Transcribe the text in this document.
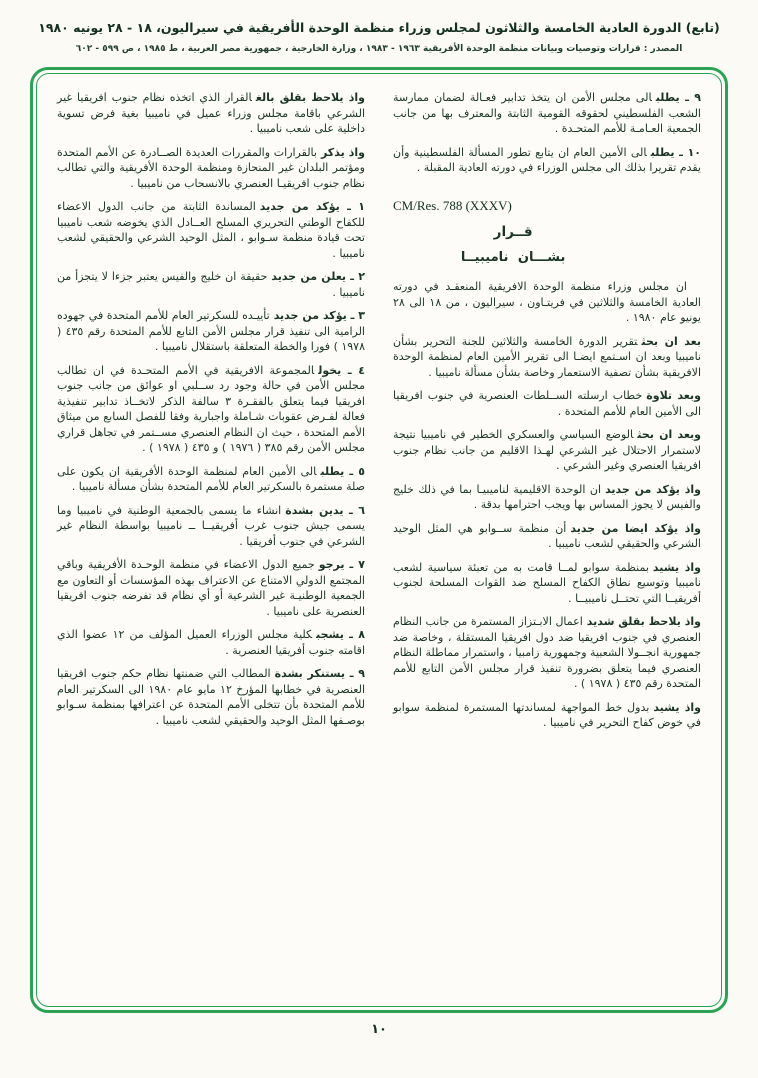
(تابع) الدورة العادية الخامسة والثلاثون لمجلس وزراء منظمة الوحدة الأفريقية في سيراليون، ١٨ - ٢٨ يونيه ١٩٨٠
المصدر : قرارات وتوصيات وبيانات منظمة الوحدة الأفريقية ١٩٦٣ - ١٩٨٣ ، وزارة الخارجية ، جمهورية مصر العربية ، ط ١٩٨٥ ، ص ٥٩٩ - ٦٠٢

٩ ـ يطلبالى مجلس الأمن ان يتخذ تدابير فعـالة لضمان ممارسة الشعب الفلسطيني لحقوقه القومية الثابتة والمعترف بها من جانب الجمعية العـامـة للأمم المتحـدة .

١٠ ـ يطلبالى الأمين العام ان يتابع تطور المسألة الفلسطينية وأن يقدم تقريرا بذلك الى مجلس الوزراء في دورته العادية المقبلة .

CM/Res. 788 (XXXV)
قــرار
بشـــان ناميبيــا

ان مجلس وزراء منظمة الوحدة الافريقية المنعقـد في دورته العادية الخامسة والثلاثين في فريتـاون ، سيراليون ، من ١٨ الى ٢٨ يونيو عام ١٩٨٠ .

بعد ان بحثتقرير الدورة الخامسة والثلاثين للجنة التحرير بشأن ناميبيا وبعد ان اسـتمع ايضـا الى تقرير الأمين العام لمنظمة الوحدة الافريقية بشأن تصفية الاستعمار وخاصة بشأن مسألة ناميبيا .

وبعد تلاوةخطاب ارسلته الســلطات العنصرية في جنوب افريقيا الى الأمين العام للأمم المتحدة .

وبعد ان بحثالوضع السياسي والعسكري الخطير في ناميبيا نتيجة لاستمرار الاحتلال غير الشرعي لهـذا الاقليم من جانب نظام جنوب افريقيا العنصري وغير الشرعي .

واذ يؤكد من جديدان الوحدة الاقليمية لناميبيـا بما في ذلك خليج والفيس لا يجوز المساس بها ويجب احترامها بدقة .

واذ يؤكد ايضا من جديدأن منظمة ســوابو هي المثل الوحيد الشرعي والحقيقي لشعب ناميبيا .

واذ يشيدبمنظمة سوابو لمــا قامت به من تعبئة سياسية لشعب ناميبيا وتوسيع نطاق الكفاح المسلح ضد القوات المسلحة لجنوب أفريقيــا التي تحتــل ناميبيــا .

واذ يلاحظ بقلق شديداعمال الابـتزاز المستمرة من جانب النظام العنصري في جنوب افريقيا ضد دول افريقيا المستقلة ، وخاصة ضد جمهورية انجــولا الشعبية وجمهورية زامبيا ، واستمرار مماطلة النظام العنصري فيما يتعلق بضرورة تنفيذ قرار مجلس الأمن التابع للأمم المتحدة رقم ٤٣٥ ( ١٩٧٨ ) .

واذ يشيدبدول خط المواجهة لمساندتها المستمرة لمنظمة سوابو في خوض كفاح التحرير في ناميبيا .

واذ يلاحظ بقلق بالغالقرار الذي اتخذه نظام جنوب افريقيا غير الشرعي باقامة مجلس وزراء عميل في ناميبيا بغية فرض تسوية داخلية على شعب ناميبيا .

واذ يذكربالقرارات والمقررات العديدة الصــادرة عن الأمم المتحدة ومؤتمر البلدان غير المنحازة ومنظمة الوحدة الأفريقية والتي تطالب نظام جنوب افريقيـا العنصري بالانسحاب من ناميبيا .

١ ـ يؤكد من جديدالمساندة الثابتة من جانب الدول الاعضاء للكفاح الوطني التحريري المسلح العــادل الذي يخوضه شعب ناميبيا تحت قيادة منظمة سـوابو ، المثل الوحيد الشرعي والحقيقي لشعب ناميبيا .

٢ ـ يعلن من جديدحقيقة ان خليج والفيس يعتبر جزءا لا يتجزأ من ناميبيا .

٣ ـ يؤكد من جديدتأييـده للسكرتير العام للأمم المتحدة في جهوده الرامية الى تنفيذ قرار مجلس الأمن التابع للأمم المتحدة رقم ٤٣٥ ( ١٩٧٨ ) فورا والخطة المتعلقة باستقلال ناميبيا .

٤ ـ يخولالمجموعة الافريقية في الأمم المتحـدة في ان تطالب مجلس الأمن في حالة وجود رد ســلبي او عوائق من جانب جنوب افريقيا فيما يتعلق بالفقـرة ٣ سالفة الذكر لاتخــاذ تدابير تنفيذية فعالة لفـرض عقوبات شـاملة واجبارية وفقا للفصل السابع من ميثاق الأمم المتحدة ، حيث ان النظام العنصري مســتمر في تجاهل قراري مجلس الأمن رقم ٣٨٥ ( ١٩٧٦ ) و ٤٣٥ ( ١٩٧٨ ) .

٥ ـ يطلبالى الأمين العام لمنظمة الوحدة الأفريقية ان يكون على صلة مستمرة بالسكرتير العام للأمم المتحدة بشأن مسألة ناميبيا .

٦ ـ يدين بشدةانشاء ما يسمى بالجمعية الوطنية في ناميبيا وما يسمى جيش جنوب غرب أفريقيــا ــ ناميبيا بواسطة النظام غير الشرعي في جنوب أفريقيا .

٧ ـ يرجوجميع الدول الاعضاء في منظمة الوحـدة الأفريقية وباقي المجتمع الدولي الامتناع عن الاعتراف بهذه المؤسسات أو التعاون مع الجمعية الوطنيـة غير الشرعية أو أي نظام قد تفرضه جنوب افريقيا العنصرية على ناميبيا .

٨ ـ يشجبكلية مجلس الوزراء العميل المؤلف من ١٢ عضوا الذي اقامته جنوب أفريقيا العنصرية .

٩ ـ يستنكر بشدةالمطالب التي ضمنتها نظام حكم جنوب افريقيا العنصرية في خطابها المؤرخ ١٢ مايو عام ١٩٨٠ الى السكرتير العام للأمم المتحدة بأن تتخلى الأمم المتحدة عن اعترافها بمنظمة سـوابو بوصـفها المثل الوحيد والحقيقي لشعب ناميبيا .

١٠
